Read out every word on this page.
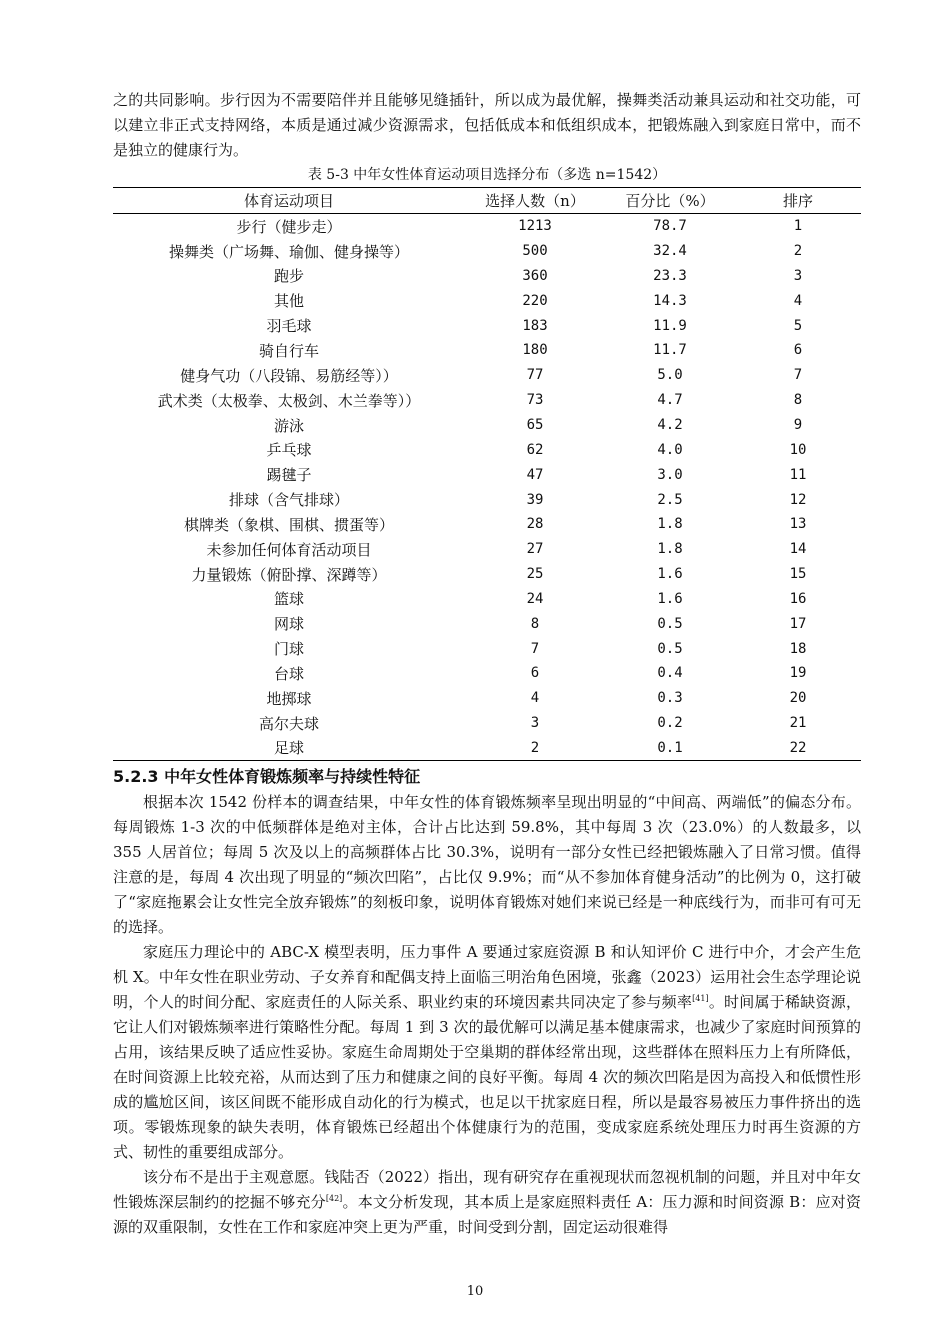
之的共同影响。步行因为不需要陪伴并且能够见缝插针，所以成为最优解，操舞类活动兼具运动和社交功能，可以建立非正式支持网络，本质是通过减少资源需求，包括低成本和低组织成本，把锻炼融入到家庭日常中，而不是独立的健康行为。

表 5-3 中年女性体育运动项目选择分布（多选 n=1542）

体育运动项目	选择人数（n）	百分比（%）	排序
步行（健步走）	1213	78.7	1
操舞类（广场舞、瑜伽、健身操等）	500	32.4	2
跑步	360	23.3	3
其他	220	14.3	4
羽毛球	183	11.9	5
骑自行车	180	11.7	6
健身气功（八段锦、易筋经等））	77	5.0	7
武术类（太极拳、太极剑、木兰拳等））	73	4.7	8
游泳	65	4.2	9
乒乓球	62	4.0	10
踢毽子	47	3.0	11
排球（含气排球）	39	2.5	12
棋牌类（象棋、围棋、掼蛋等）	28	1.8	13
未参加任何体育活动项目	27	1.8	14
力量锻炼（俯卧撑、深蹲等）	25	1.6	15
篮球	24	1.6	16
网球	8	0.5	17
门球	7	0.5	18
台球	6	0.4	19
地掷球	4	0.3	20
高尔夫球	3	0.2	21
足球	2	0.1	22
5.2.3 中年女性体育锻炼频率与持续性特征

根据本次 1542 份样本的调查结果，中年女性的体育锻炼频率呈现出明显的“中间高、两端低”的偏态分布。每周锻炼 1-3 次的中低频群体是绝对主体，合计占比达到 59.8%，其中每周 3 次（23.0%）的人数最多，以 355 人居首位；每周 5 次及以上的高频群体占比 30.3%，说明有一部分女性已经把锻炼融入了日常习惯。值得注意的是，每周 4 次出现了明显的“频次凹陷”，占比仅 9.9%；而“从不参加体育健身活动”的比例为 0，这打破了“家庭拖累会让女性完全放弃锻炼”的刻板印象，说明体育锻炼对她们来说已经是一种底线行为，而非可有可无的选择。

家庭压力理论中的 ABC-X 模型表明，压力事件 A 要通过家庭资源 B 和认知评价 C 进行中介，才会产生危机 X。中年女性在职业劳动、子女养育和配偶支持上面临三明治角色困境，张鑫（2023）运用社会生态学理论说明，个人的时间分配、家庭责任的人际关系、职业约束的环境因素共同决定了参与频率[41]。时间属于稀缺资源，它让人们对锻炼频率进行策略性分配。每周 1 到 3 次的最优解可以满足基本健康需求，也减少了家庭时间预算的占用，该结果反映了适应性妥协。家庭生命周期处于空巢期的群体经常出现，这些群体在照料压力上有所降低，在时间资源上比较充裕，从而达到了压力和健康之间的良好平衡。每周 4 次的频次凹陷是因为高投入和低惯性形成的尴尬区间，该区间既不能形成自动化的行为模式，也足以干扰家庭日程，所以是最容易被压力事件挤出的选项。零锻炼现象的缺失表明，体育锻炼已经超出个体健康行为的范围，变成家庭系统处理压力时再生资源的方式、韧性的重要组成部分。

该分布不是出于主观意愿。钱陆否（2022）指出，现有研究存在重视现状而忽视机制的问题，并且对中年女性锻炼深层制约的挖掘不够充分[42]。本文分析发现，其本质上是家庭照料责任 A：压力源和时间资源 B：应对资源的双重限制，女性在工作和家庭冲突上更为严重，时间受到分割，固定运动很难得

10
